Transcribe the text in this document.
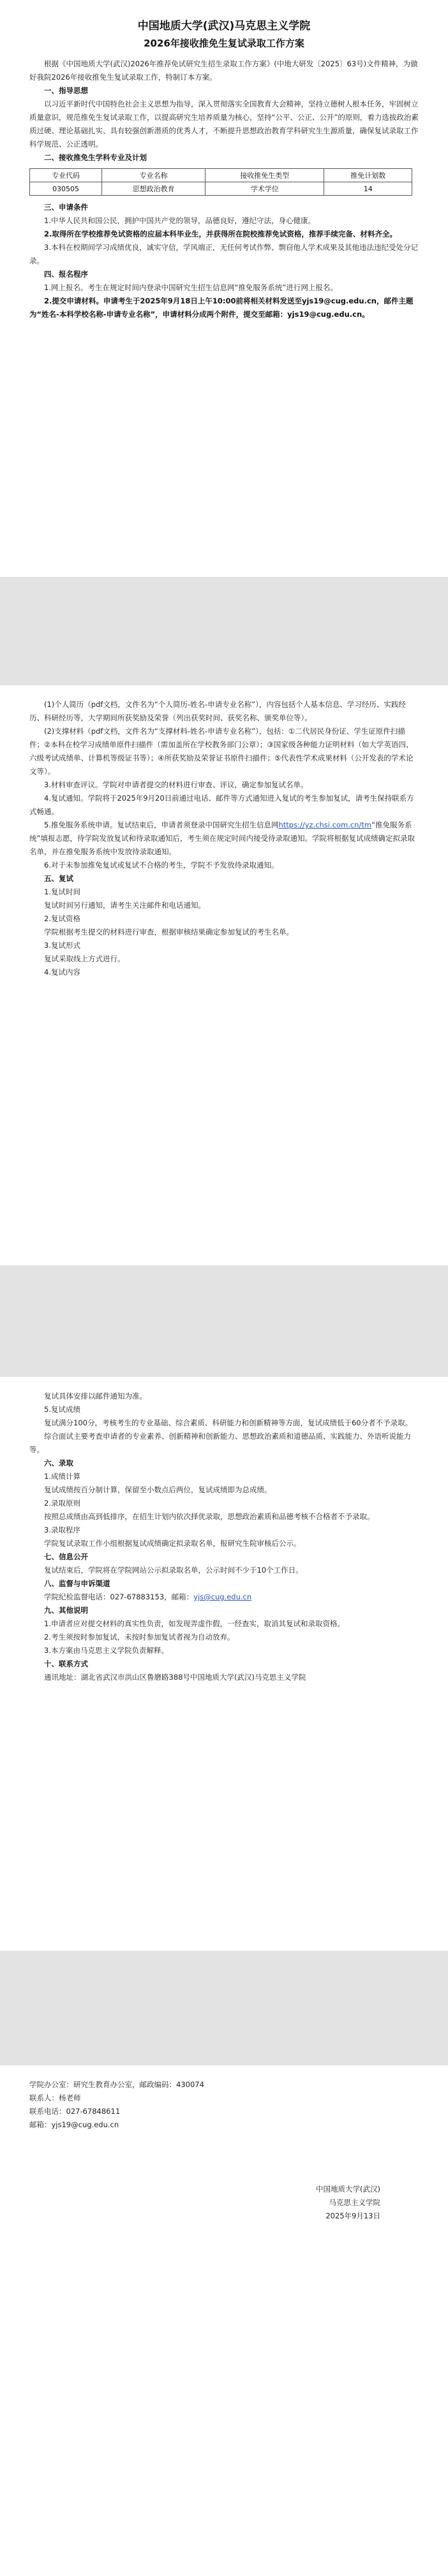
中国地质大学(武汉)马克思主义学院
2026年接收推免生复试录取工作方案

根据《中国地质大学(武汉)2026年推荐免试研究生招生录取工作方案》(中地大研发〔2025〕63号)文件精神，为做好我院2026年接收推免生复试录取工作，特制订本方案。

一、指导思想

以习近平新时代中国特色社会主义思想为指导，深入贯彻落实全国教育大会精神，坚持立德树人根本任务，牢固树立质量意识，规范推免生复试录取工作，以提高研究生培养质量为核心，坚持“公平、公正、公开”的原则，着力选拔政治素质过硬、理论基础扎实、具有较强创新潜质的优秀人才，不断提升思想政治教育学科研究生生源质量，确保复试录取工作科学规范、公正透明。

二、接收推免生学科专业及计划

专业代码	专业名称	接收推免生类型	推免计划数
030505	思想政治教育	学术学位	14

三、申请条件

1.中华人民共和国公民，拥护中国共产党的领导，品德良好，遵纪守法，身心健康。

2.取得所在学校推荐免试资格的应届本科毕业生，并获得所在院校推荐免试资格，推荐手续完备、材料齐全。

3.本科在校期间学习成绩优良，诚实守信，学风端正，无任何考试作弊、剽窃他人学术成果及其他违法违纪受处分记录。

四、报名程序

1.网上报名。考生在规定时间内登录中国研究生招生信息网“推免服务系统”进行网上报名。

2.提交申请材料。申请考生于2025年9月18日上午10:00前将相关材料发送至yjs19@cug.edu.cn，邮件主题为“姓名-本科学校名称-申请专业名称”，申请材料分成两个附件，提交至邮箱：yjs19@cug.edu.cn。

(1)个人简历（pdf文档，文件名为“个人简历-姓名-申请专业名称”），内容包括个人基本信息、学习经历、实践经历、科研经历等，大学期间所获奖励及荣誉（列出获奖时间、获奖名称、颁奖单位等）。

(2)支撑材料（pdf文档，文件名为“支撑材料-姓名-申请专业名称”），包括：①二代居民身份证、学生证原件扫描件；②本科在校学习成绩单原件扫描件（需加盖所在学校教务部门公章）；③国家级各种能力证明材料（如大学英语四、六级考试成绩单、计算机等级证书等）；④所获奖励及荣誉证书原件扫描件；⑤代表性学术成果材料（公开发表的学术论文等）。

3.材料审查评议。学院对申请者提交的材料进行审查、评议，确定参加复试名单。

4.复试通知。学院将于2025年9月20日前通过电话、邮件等方式通知进入复试的考生参加复试，请考生保持联系方式畅通。

5.推免服务系统申请。复试结束后，申请者须登录中国研究生招生信息网https://yz.chsi.com.cn/tm“推免服务系统”填报志愿，待学院发放复试和待录取通知后，考生须在规定时间内接受待录取通知。学院将根据复试成绩确定拟录取名单，并在推免服务系统中发放待录取通知。

6.对于未参加推免复试或复试不合格的考生，学院不予发放待录取通知。

五、复试

1.复试时间

复试时间另行通知，请考生关注邮件和电话通知。

2.复试资格

学院根据考生提交的材料进行审查，根据审核结果确定参加复试的考生名单。

3.复试形式

复试采取线上方式进行。

4.复试内容

复试具体安排以邮件通知为准。

5.复试成绩

复试满分100分，考核考生的专业基础、综合素质、科研能力和创新精神等方面，复试成绩低于60分者不予录取。

综合面试主要考查申请者的专业素养、创新精神和创新能力、思想政治素质和道德品质、实践能力、外语听说能力等。

六、录取

1.成绩计算

复试成绩按百分制计算，保留至小数点后两位，复试成绩即为总成绩。

2.录取原则

按照总成绩由高到低排序，在招生计划内依次择优录取，思想政治素质和品德考核不合格者不予录取。

3.录取程序

学院复试录取工作小组根据复试成绩确定拟录取名单，报研究生院审核后公示。

七、信息公开

复试结束后，学院将在学院网站公示拟录取名单，公示时间不少于10个工作日。

八、监督与申诉渠道

学院纪检监督电话：027-67883153，邮箱：yjs@cug.edu.cn

九、其他说明

1.申请者应对提交材料的真实性负责，如发现弄虚作假，一经查实，取消其复试和录取资格。

2.考生须按时参加复试，未按时参加复试者视为自动放弃。

3.本方案由马克思主义学院负责解释。

十、联系方式

通讯地址：湖北省武汉市洪山区鲁磨路388号中国地质大学(武汉)马克思主义学院

学院办公室：研究生教育办公室，邮政编码：430074

联系人：杨老师

联系电话：027-67848611

邮箱：yjs19@cug.edu.cn

中国地质大学(武汉)

马克思主义学院

2025年9月13日
